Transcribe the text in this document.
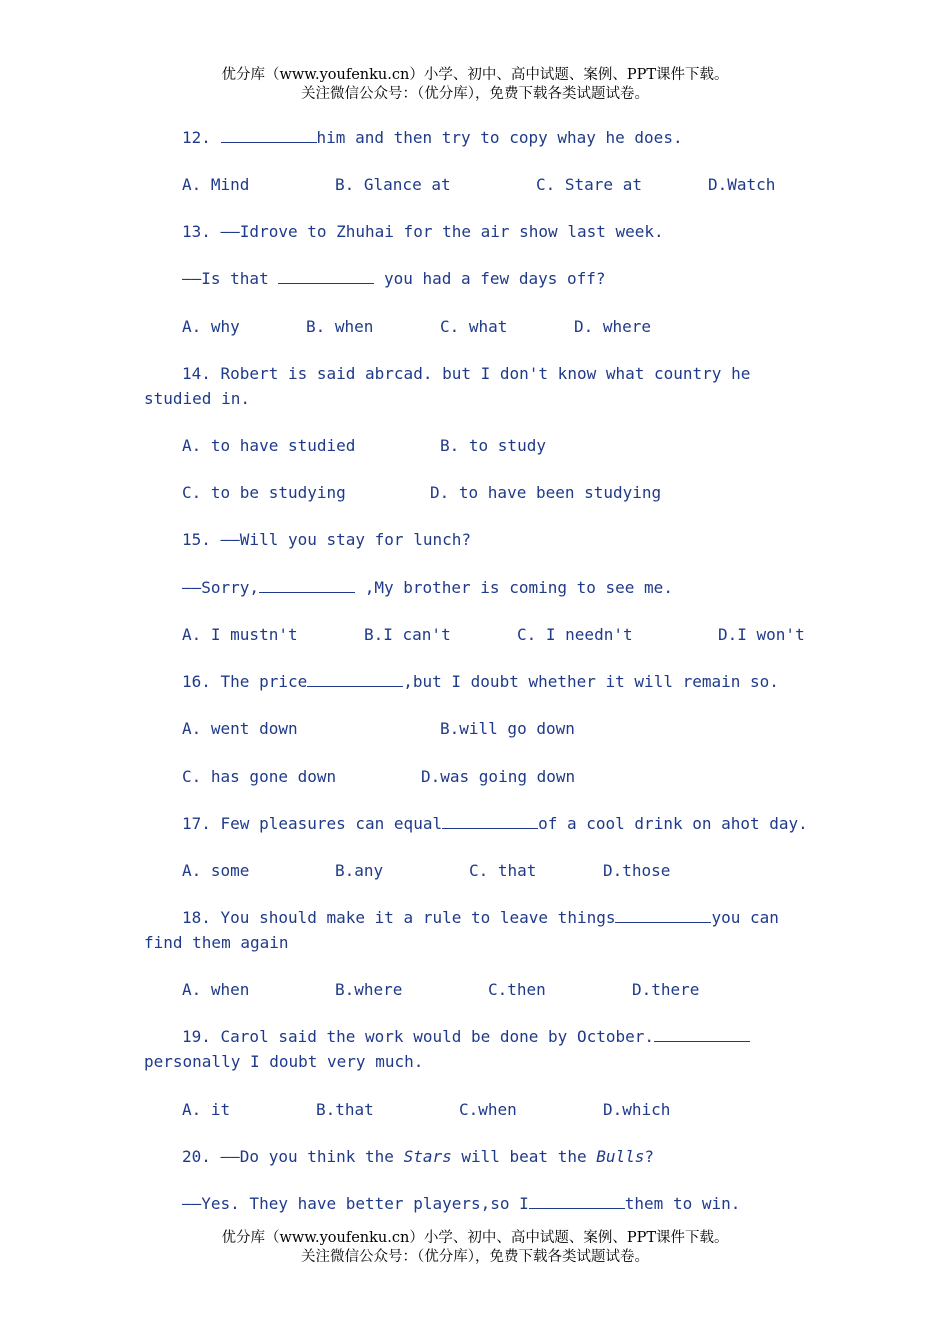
优分库（www.youfenku.cn）小学、初中、高中试题、案例、PPT课件下载。
关注微信公众号：（优分库），免费下载各类试题试卷。
12.	him and then try to copy whay he does.
A. Mind	B. Glance at	C. Stare at	D.Watch
13. ——Idrove to Zhuhai for the air show last week.
——Is that	you had a few days off?
A. why	B. when	C. what	D. where
14. Robert is said abrcad. but I don't know what country he
studied in.
A. to have studied	B. to study
C. to be studying	D. to have been studying
15. ——Will you stay for lunch?
——Sorry,	,My brother is coming to see me.
A. I mustn't	B.I can't	C. I needn't	D.I won't
16. The price	,but I doubt whether it will remain so.
A. went down	B.will go down
C. has gone down	D.was going down
17. Few pleasures can equal	of a cool drink on ahot day.
A. some	B.any	C. that	D.those
18. You should make it a rule to leave things	you can
find them again
A. when	B.where	C.then	D.there
19. Carol said the work would be done by October.
personally I doubt very much.
A. it	B.that	C.when	D.which
20. ——Do you think the Stars will beat the Bulls?
——Yes. They have better players,so I	them to win.
优分库（www.youfenku.cn）小学、初中、高中试题、案例、PPT课件下载。
关注微信公众号：（优分库），免费下载各类试题试卷。
